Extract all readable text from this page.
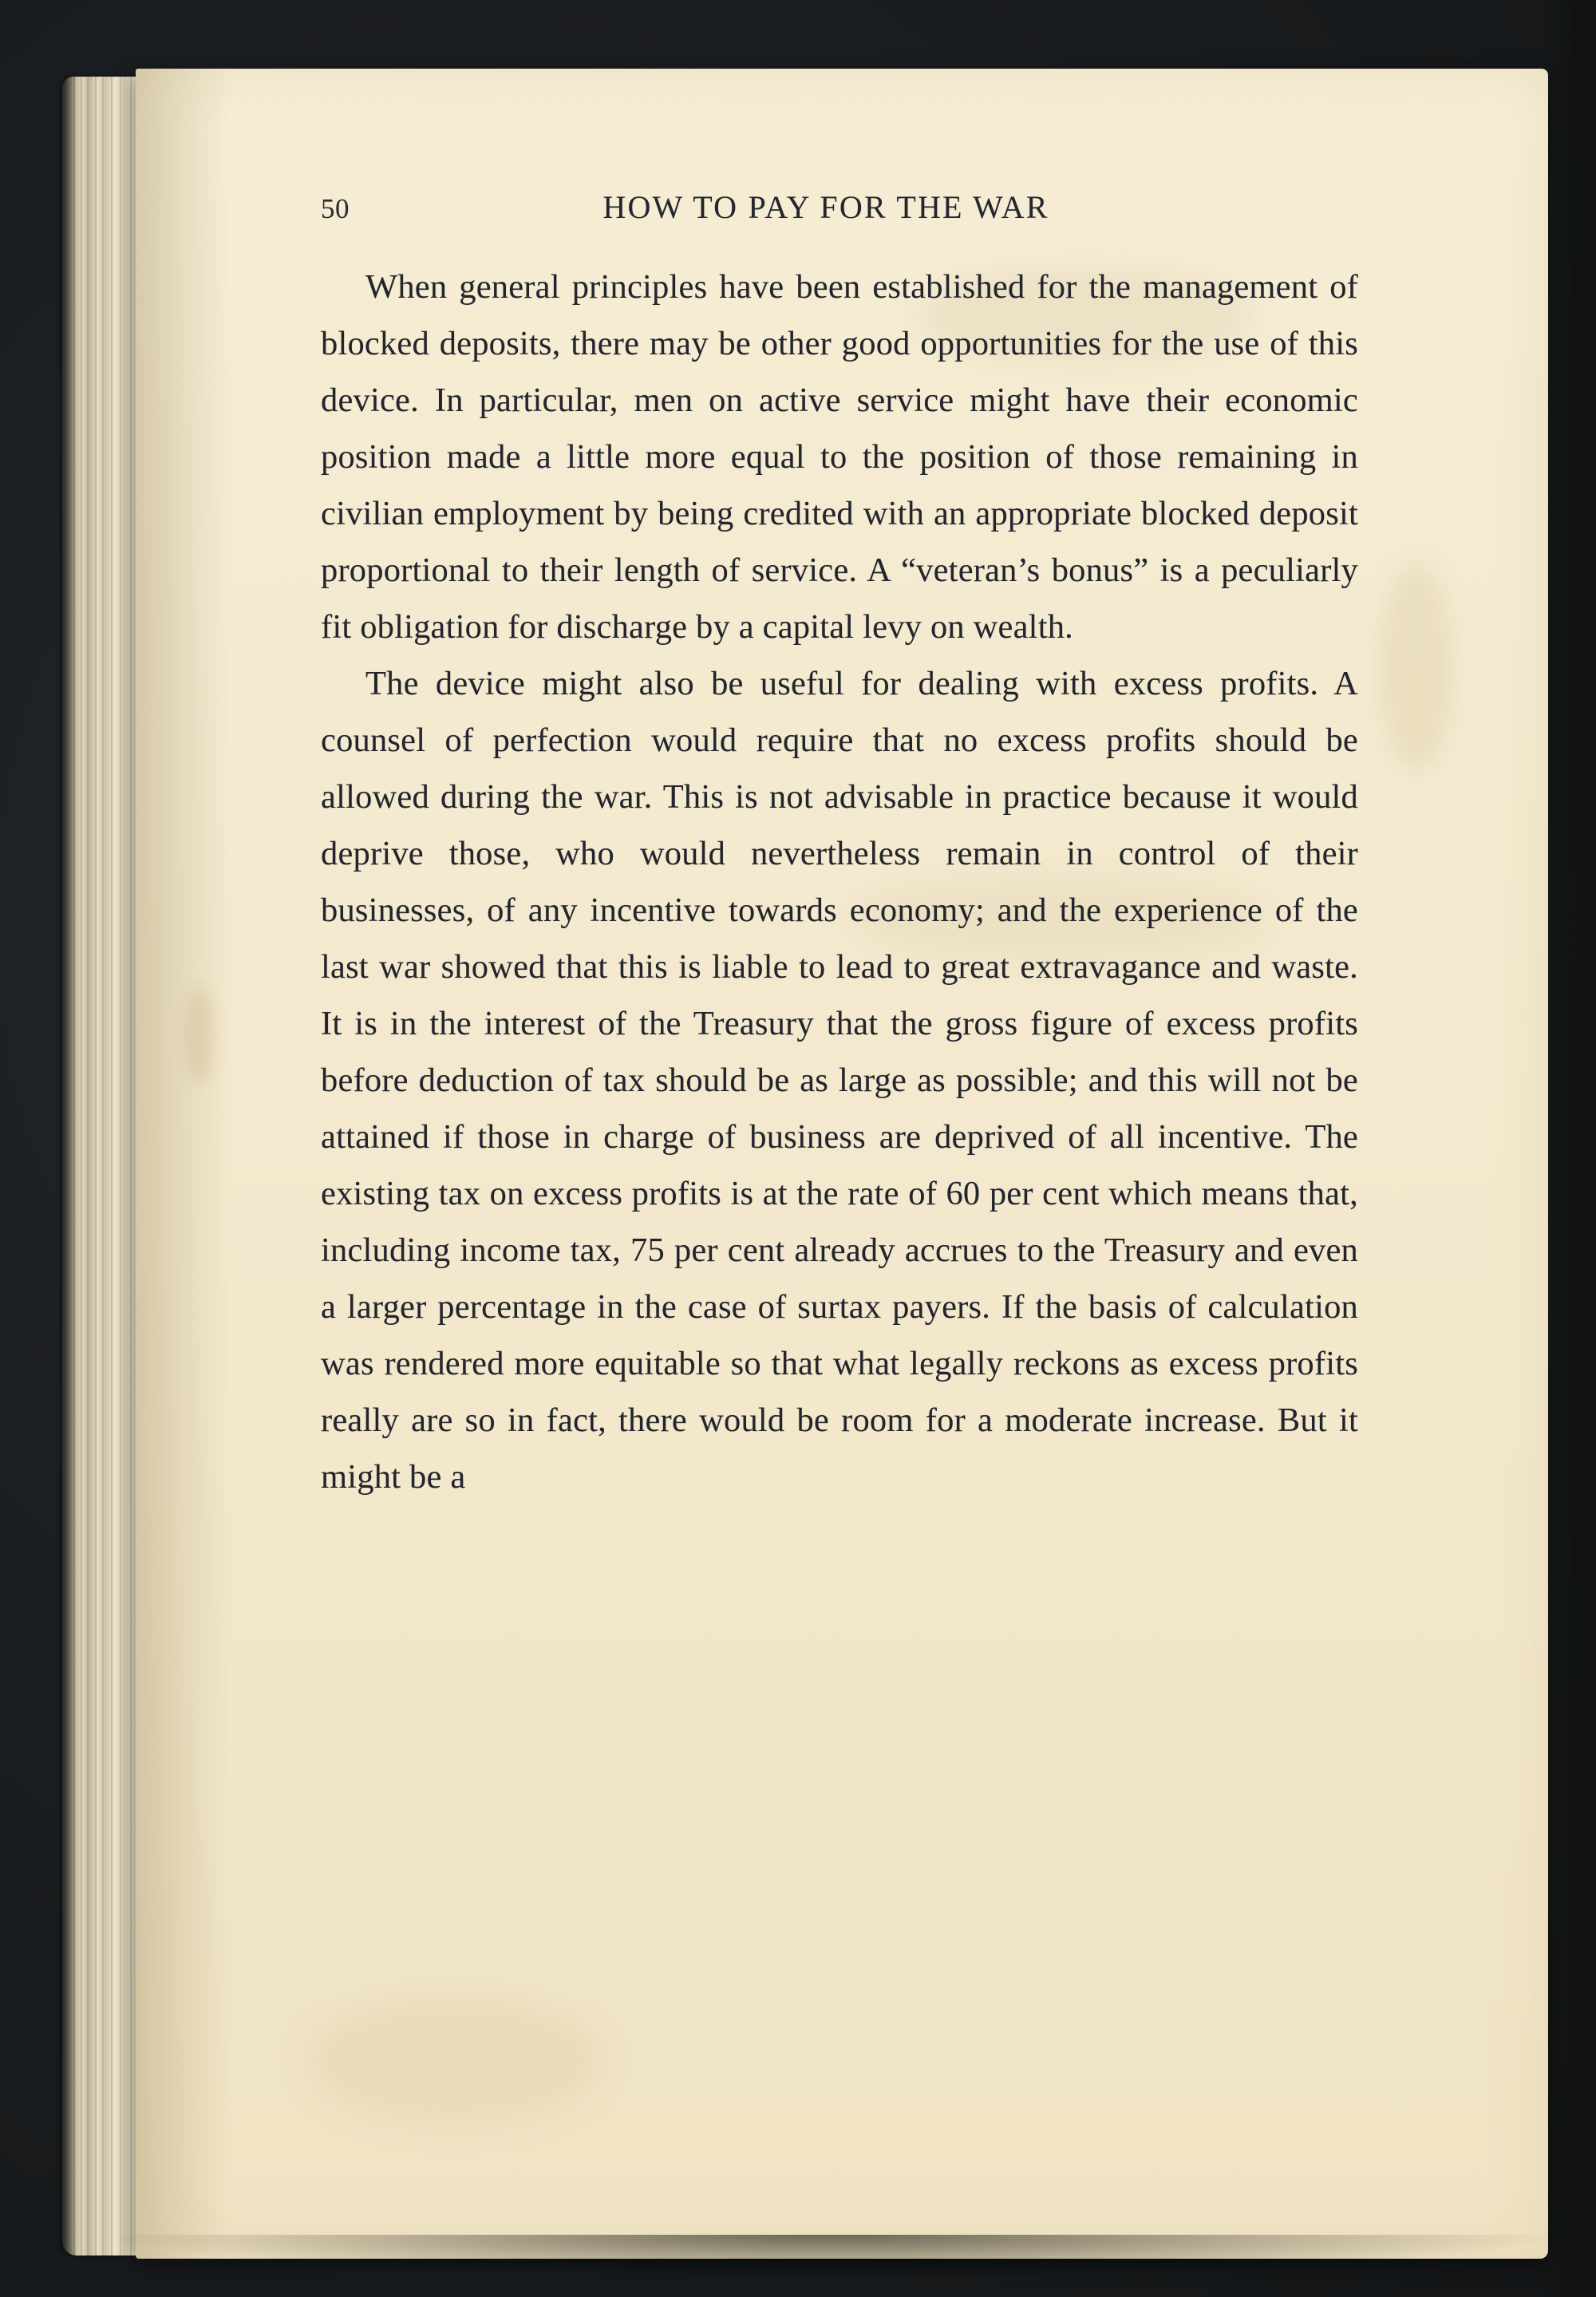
50	HOW TO PAY FOR THE WAR

When general principles have been established for the management of blocked deposits, there may be other good opportunities for the use of this device. In particular, men on active service might have their economic position made a little more equal to the position of those remaining in civilian employment by being credited with an appropriate blocked deposit proportional to their length of service. A “veteran’s bonus” is a peculiarly fit obligation for discharge by a capital levy on wealth.

The device might also be useful for dealing with excess profits. A counsel of perfection would require that no excess profits should be allowed during the war. This is not advisable in practice because it would deprive those, who would nevertheless remain in control of their businesses, of any incentive towards economy; and the experience of the last war showed that this is liable to lead to great extravagance and waste. It is in the interest of the Treasury that the gross figure of excess profits before deduction of tax should be as large as possible; and this will not be attained if those in charge of business are deprived of all incentive. The existing tax on excess profits is at the rate of 60 per cent which means that, including income tax, 75 per cent already accrues to the Treasury and even a larger percentage in the case of surtax payers. If the basis of calculation was rendered more equitable so that what legally reckons as excess profits really are so in fact, there would be room for a moderate increase. But it might be a
